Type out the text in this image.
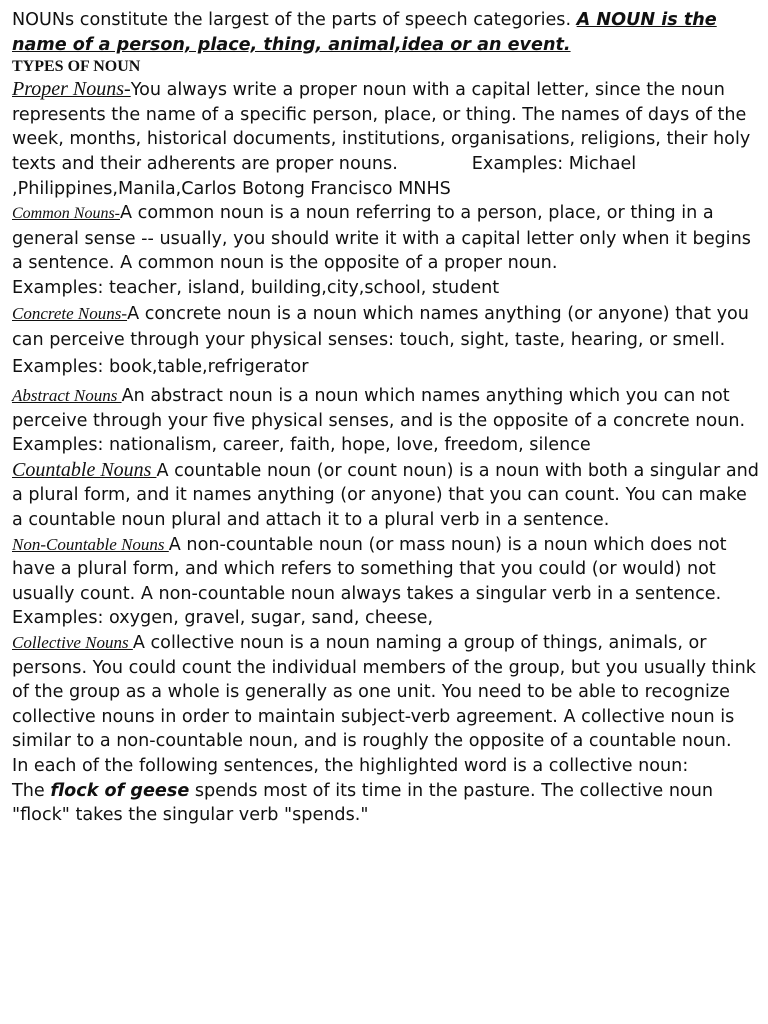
NOUNs constitute the largest of the parts of speech categories. A NOUN is the name of a person, place, thing, animal,idea or an event.

TYPES OF NOUN

Proper Nouns-You always write a proper noun with a capital letter, since the noun represents the name of a specific person, place, or thing. The names of days of the week, months, historical documents, institutions, organisations, religions, their holy texts and their adherents are proper nouns.	Examples: Michael ,Philippines,Manila,Carlos Botong Francisco MNHS

Common Nouns-A common noun is a noun referring to a person, place, or thing in a general sense -- usually, you should write it with a capital letter only when it begins a sentence. A common noun is the opposite of a proper noun.
Examples: teacher, island, building,city,school, student

Concrete Nouns-A concrete noun is a noun which names anything (or anyone) that you can perceive through your physical senses: touch, sight, taste, hearing, or smell. Examples: book,table,refrigerator

Abstract Nouns An abstract noun is a noun which names anything which you can not perceive through your five physical senses, and is the opposite of a concrete noun. Examples: nationalism, career, faith, hope, love, freedom, silence

Countable Nouns A countable noun (or count noun) is a noun with both a singular and a plural form, and it names anything (or anyone) that you can count. You can make a countable noun plural and attach it to a plural verb in a sentence.

Non-Countable Nouns A non-countable noun (or mass noun) is a noun which does not have a plural form, and which refers to something that you could (or would) not usually count. A non-countable noun always takes a singular verb in a sentence. Examples: oxygen, gravel, sugar, sand, cheese,

Collective Nouns A collective noun is a noun naming a group of things, animals, or persons. You could count the individual members of the group, but you usually think of the group as a whole is generally as one unit. You need to be able to recognize collective nouns in order to maintain subject-verb agreement. A collective noun is similar to a non-countable noun, and is roughly the opposite of a countable noun.

In each of the following sentences, the highlighted word is a collective noun:

The flock of geese spends most of its time in the pasture. The collective noun "flock" takes the singular verb "spends."
